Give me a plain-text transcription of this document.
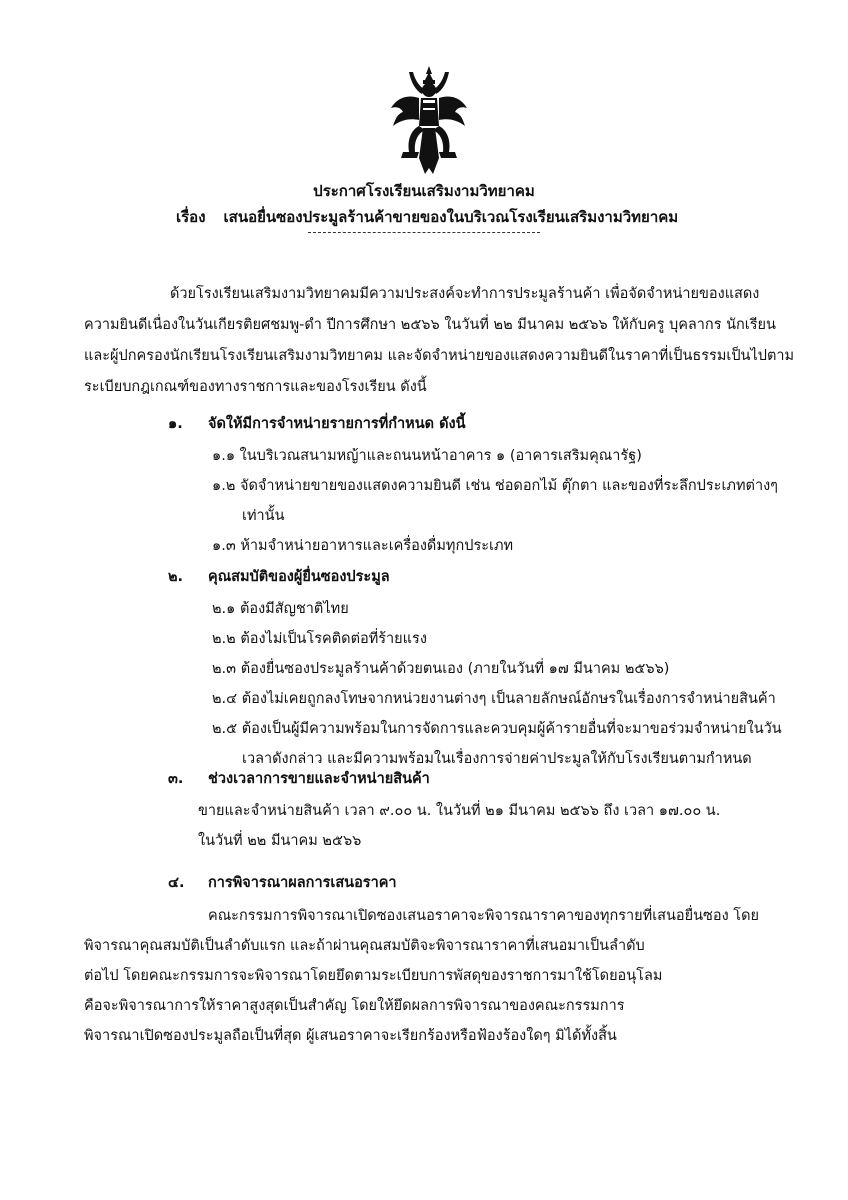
ประกาศโรงเรียนเสริมงามวิทยาคม
เรื่อง เสนอยื่นซองประมูลร้านค้าขายของในบริเวณโรงเรียนเสริมงามวิทยาคม
ด้วยโรงเรียนเสริมงามวิทยาคมมีความประสงค์จะทำการประมูลร้านค้า เพื่อจัดจำหน่ายของแสดง
ความยินดีเนื่องในวันเกียรติยศชมพู-ดำ ปีการศึกษา ๒๕๖๖ ในวันที่ ๒๒ มีนาคม ๒๕๖๖ ให้กับครู บุคลากร นักเรียน
และผู้ปกครองนักเรียนโรงเรียนเสริมงามวิทยาคม และจัดจำหน่ายของแสดงความยินดีในราคาที่เป็นธรรมเป็นไปตาม
ระเบียบกฎเกณฑ์ของทางราชการและของโรงเรียน ดังนี้
๑. จัดให้มีการจำหน่ายรายการที่กำหนด ดังนี้
๑.๑ ในบริเวณสนามหญ้าและถนนหน้าอาคาร ๑ (อาคารเสริมคุณารัฐ)
๑.๒ จัดจำหน่ายขายของแสดงความยินดี เช่น ช่อดอกไม้ ตุ๊กตา และของที่ระลึกประเภทต่างๆ
เท่านั้น
๑.๓ ห้ามจำหน่ายอาหารและเครื่องดื่มทุกประเภท
๒. คุณสมบัติของผู้ยื่นซองประมูล
๒.๑ ต้องมีสัญชาติไทย
๒.๒ ต้องไม่เป็นโรคติดต่อที่ร้ายแรง
๒.๓ ต้องยื่นซองประมูลร้านค้าด้วยตนเอง (ภายในวันที่ ๑๗ มีนาคม ๒๕๖๖)
๒.๔ ต้องไม่เคยถูกลงโทษจากหน่วยงานต่างๆ เป็นลายลักษณ์อักษรในเรื่องการจำหน่ายสินค้า
๒.๕ ต้องเป็นผู้มีความพร้อมในการจัดการและควบคุมผู้ค้ารายอื่นที่จะมาขอร่วมจำหน่ายในวัน
เวลาดังกล่าว และมีความพร้อมในเรื่องการจ่ายค่าประมูลให้กับโรงเรียนตามกำหนด
๓. ช่วงเวลาการขายและจำหน่ายสินค้า
ขายและจำหน่ายสินค้า เวลา ๙.๐๐ น. ในวันที่ ๒๑ มีนาคม ๒๕๖๖ ถึง เวลา ๑๗.๐๐ น.
ในวันที่ ๒๒ มีนาคม ๒๕๖๖
๔. การพิจารณาผลการเสนอราคา
คณะกรรมการพิจารณาเปิดซองเสนอราคาจะพิจารณาราคาของทุกรายที่เสนอยื่นซอง โดย
พิจารณาคุณสมบัติเป็นลำดับแรก และถ้าผ่านคุณสมบัติจะพิจารณาราคาที่เสนอมาเป็นลำดับ
ต่อไป โดยคณะกรรมการจะพิจารณาโดยยึดตามระเบียบการพัสดุของราชการมาใช้โดยอนุโลม
คือจะพิจารณาการให้ราคาสูงสุดเป็นสำคัญ โดยให้ยึดผลการพิจารณาของคณะกรรมการ
พิจารณาเปิดซองประมูลถือเป็นที่สุด ผู้เสนอราคาจะเรียกร้องหรือฟ้องร้องใดๆ มิได้ทั้งสิ้น
